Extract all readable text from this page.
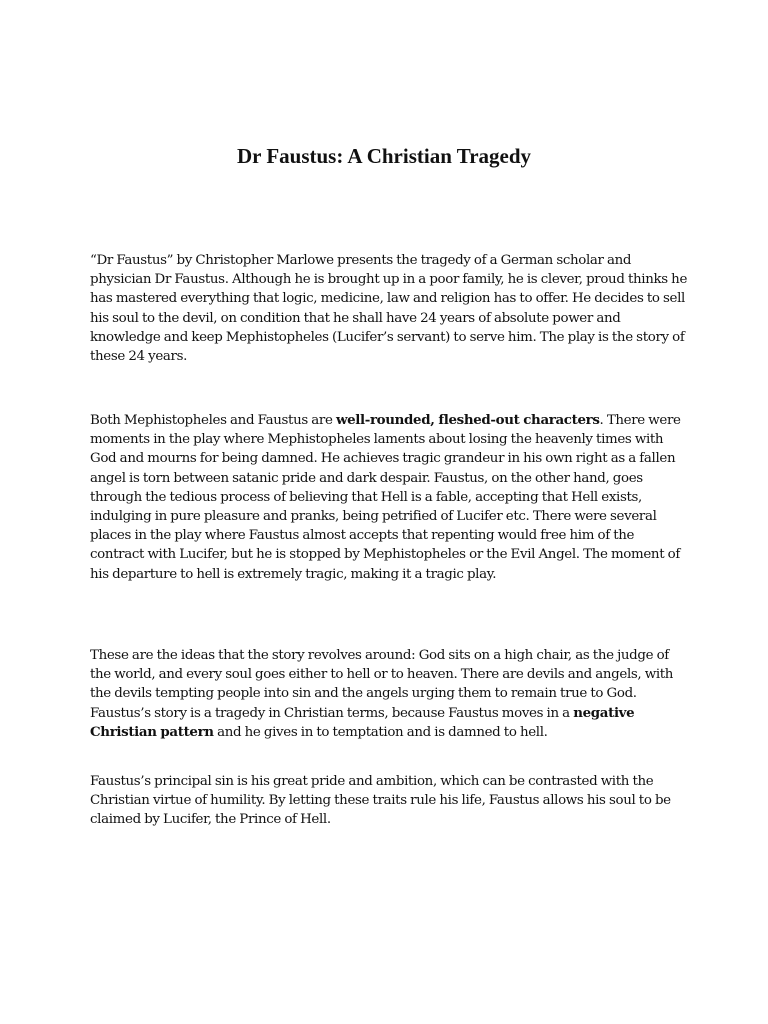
Dr Faustus: A Christian Tragedy

“Dr Faustus” by Christopher Marlowe presents the tragedy of a German scholar and physician Dr Faustus. Although he is brought up in a poor family, he is clever, proud thinks he has mastered everything that logic, medicine, law and religion has to offer. He decides to sell his soul to the devil, on condition that he shall have 24 years of absolute power and knowledge and keep Mephistopheles (Lucifer’s servant) to serve him. The play is the story of these 24 years.

Both Mephistopheles and Faustus are well-rounded, fleshed-out characters. There were moments in the play where Mephistopheles laments about losing the heavenly times with God and mourns for being damned. He achieves tragic grandeur in his own right as a fallen angel is torn between satanic pride and dark despair. Faustus, on the other hand, goes through the tedious process of believing that Hell is a fable, accepting that Hell exists, indulging in pure pleasure and pranks, being petrified of Lucifer etc. There were several places in the play where Faustus almost accepts that repenting would free him of the contract with Lucifer, but he is stopped by Mephistopheles or the Evil Angel. The moment of his departure to hell is extremely tragic, making it a tragic play.

These are the ideas that the story revolves around: God sits on a high chair, as the judge of the world, and every soul goes either to hell or to heaven. There are devils and angels, with the devils tempting people into sin and the angels urging them to remain true to God. Faustus’s story is a tragedy in Christian terms, because Faustus moves in a negative Christian pattern and he gives in to temptation and is damned to hell.

Faustus’s principal sin is his great pride and ambition, which can be contrasted with the Christian virtue of humility. By letting these traits rule his life, Faustus allows his soul to be claimed by Lucifer, the Prince of Hell.
